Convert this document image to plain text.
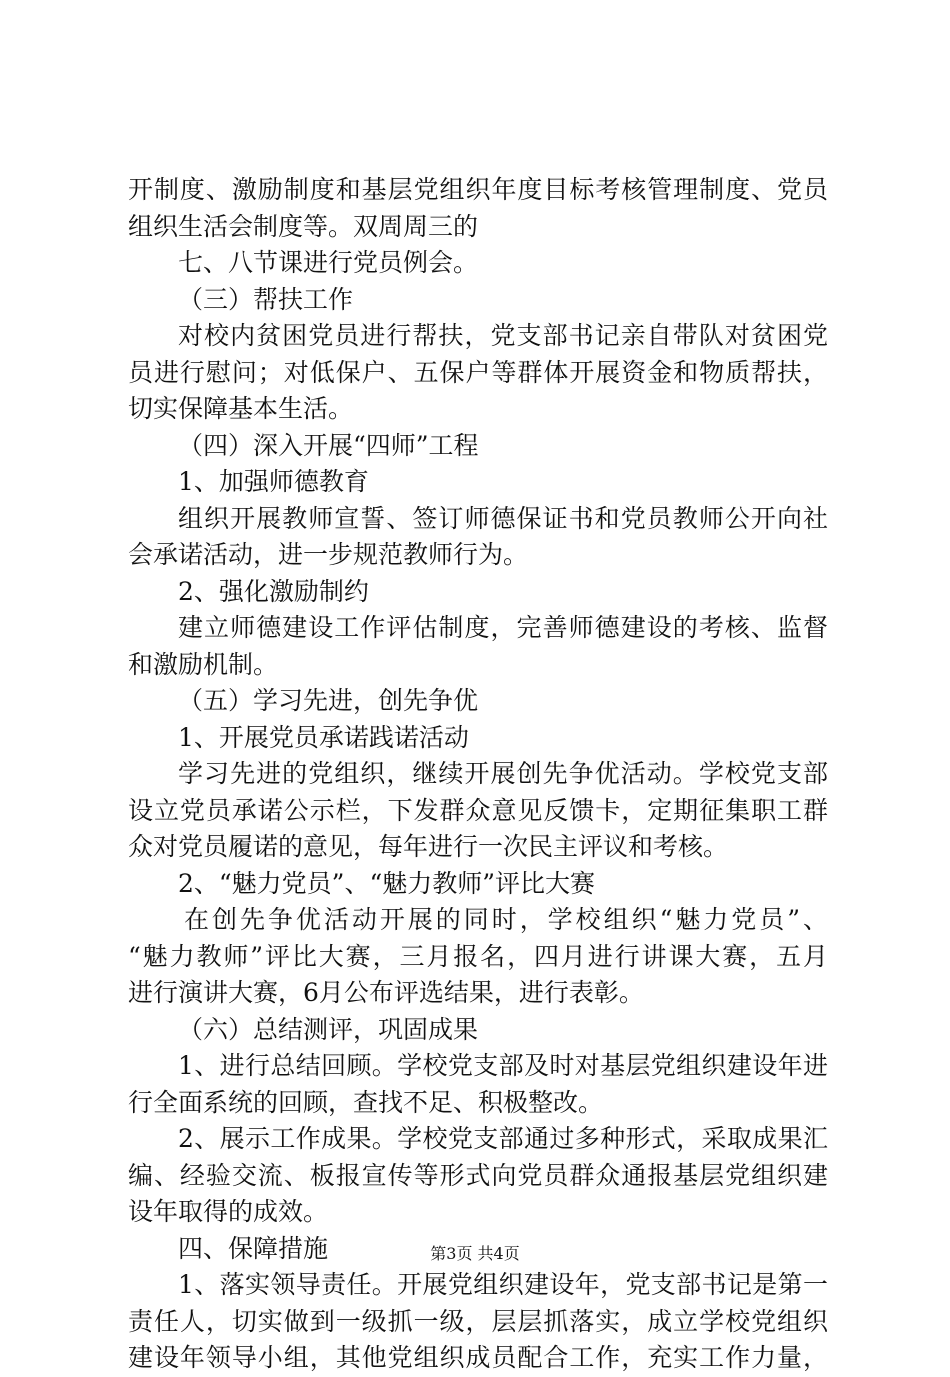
开制度、激励制度和基层党组织年度目标考核管理制度、党员
组织生活会制度等。双周周三的
七、八节课进行党员例会。
（三）帮扶工作
对校内贫困党员进行帮扶，党支部书记亲自带队对贫困党
员进行慰问；对低保户、五保户等群体开展资金和物质帮扶，
切实保障基本生活。
（四）深入开展“四师”工程
1、加强师德教育
组织开展教师宣誓、签订师德保证书和党员教师公开向社
会承诺活动，进一步规范教师行为。
2、强化激励制约
建立师德建设工作评估制度，完善师德建设的考核、监督
和激励机制。
（五）学习先进，创先争优
1、开展党员承诺践诺活动
学习先进的党组织，继续开展创先争优活动。学校党支部
设立党员承诺公示栏，下发群众意见反馈卡，定期征集职工群
众对党员履诺的意见，每年进行一次民主评议和考核。
2、“魅力党员”、“魅力教师”评比大赛
在创先争优活动开展的同时，学校组织“魅力党员”、
“魅力教师”评比大赛，三月报名，四月进行讲课大赛，五月
进行演讲大赛，6月公布评选结果，进行表彰。
（六）总结测评，巩固成果
1、进行总结回顾。学校党支部及时对基层党组织建设年进
行全面系统的回顾，查找不足、积极整改。
2、展示工作成果。学校党支部通过多种形式，采取成果汇
编、经验交流、板报宣传等形式向党员群众通报基层党组织建
设年取得的成效。
四、保障措施
1、落实领导责任。开展党组织建设年，党支部书记是第一
责任人，切实做到一级抓一级，层层抓落实，成立学校党组织
建设年领导小组，其他党组织成员配合工作，充实工作力量，
第3页 共4页
